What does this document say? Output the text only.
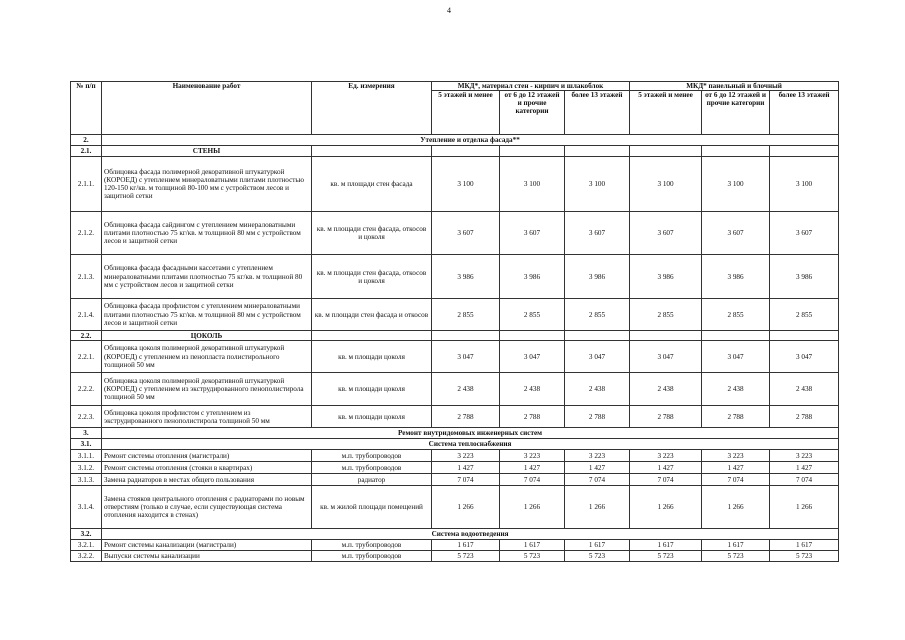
4
№ п/п	Наименование работ	Ед. измерения	МКД*, материал стен - кирпич и шлакоблок			МКД* панельный и блочный		
			5 этажей и менее	от 6 до 12 этажей и прочие категории	более 13 этажей	5 этажей и менее	от 6 до 12 этажей и прочие категории	более 13 этажей
2.	Утепление и отделка фасада**							
2.1.	СТЕНЫ							
2.1.1.	Облицовка фасада полимерной декоративной штукатуркой (КОРОЕД) с утеплением минераловатными плитами плотностью 120-150 кг/кв. м толщиной 80-100 мм с устройством лесов и защитной сетки	кв. м площади стен фасада	3 100	3 100	3 100	3 100	3 100	3 100
2.1.2.	Облицовка фасада сайдингом с утеплением минераловатными плитами плотностью 75 кг/кв. м толщиной 80 мм с устройством лесов и защитной сетки	кв. м площади стен фасада, откосов и цоколя	3 607	3 607	3 607	3 607	3 607	3 607
2.1.3.	Облицовка фасада фасадными кассетами с утеплением минераловатными плитами плотностью 75 кг/кв. м толщиной 80 мм с устройством лесов и защитной сетки	кв. м площади стен фасада, откосов и цоколя	3 986	3 986	3 986	3 986	3 986	3 986
2.1.4.	Облицовка фасада профлистом с утеплением минераловатными плитами плотностью 75 кг/кв. м толщиной 80 мм с устройством лесов и защитной сетки	кв. м площади стен фасада и откосов	2 855	2 855	2 855	2 855	2 855	2 855
2.2.	ЦОКОЛЬ							
2.2.1.	Облицовка цоколя полимерной декоративной штукатуркой (КОРОЕД) с утеплением из пенопласта полистирольного толщиной 50 мм	кв. м площади цоколя	3 047	3 047	3 047	3 047	3 047	3 047
2.2.2.	Облицовка цоколя полимерной декоративной штукатуркой (КОРОЕД) с утеплением из экструдированного пенополистирола толщиной 50 мм	кв. м площади цоколя	2 438	2 438	2 438	2 438	2 438	2 438
2.2.3.	Облицовка цоколя профлистом с утеплением из экструдированного пенополистирола толщиной 50 мм	кв. м площади цоколя	2 788	2 788	2 788	2 788	2 788	2 788
3.	Ремонт внутридомовых инженерных систем							
3.1.	Система теплоснабжения							
3.1.1.	Ремонт системы отопления (магистрали)	м.п. трубопроводов	3 223	3 223	3 223	3 223	3 223	3 223
3.1.2.	Ремонт системы отопления (стояки в квартирах)	м.п. трубопроводов	1 427	1 427	1 427	1 427	1 427	1 427
3.1.3.	Замена радиаторов в местах общего пользования	радиатор	7 074	7 074	7 074	7 074	7 074	7 074
3.1.4.	Замена стояков центрального отопления с радиаторами по новым отверстиям (только в случае, если существующая система отопления находится в стенах)	кв. м жилой площади помещений	1 266	1 266	1 266	1 266	1 266	1 266
3.2.	Система водоотведения							
3.2.1.	Ремонт системы канализации (магистрали)	м.п. трубопроводов	1 617	1 617	1 617	1 617	1 617	1 617
3.2.2.	Выпуски системы канализации	м.п. трубопроводов	5 723	5 723	5 723	5 723	5 723	5 723
